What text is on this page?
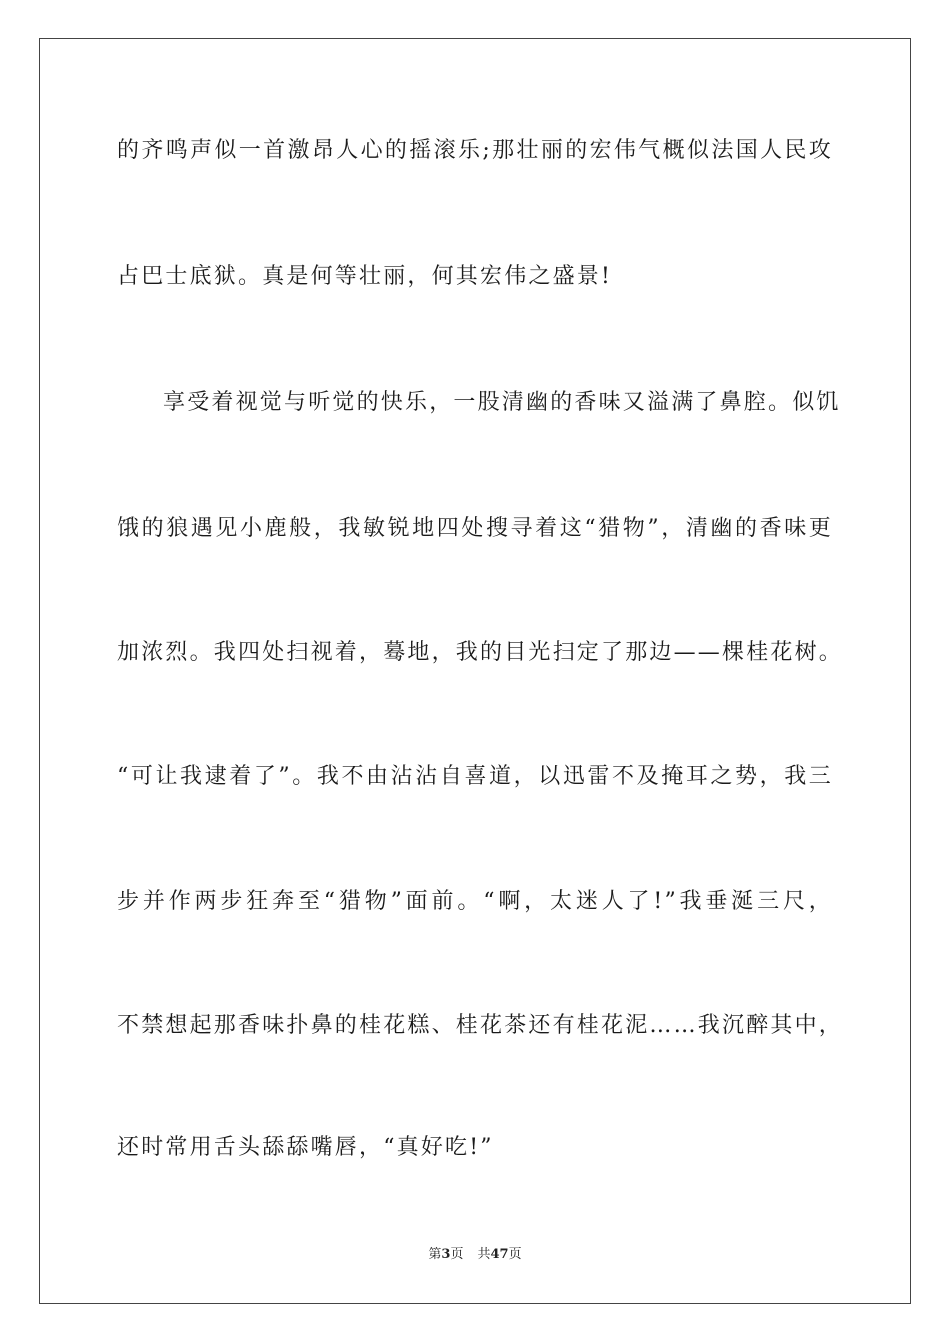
的齐鸣声似一首激昂人心的摇滚乐;那壮丽的宏伟气概似法国人民攻
占巴士底狱。真是何等壮丽，何其宏伟之盛景!
享受着视觉与听觉的快乐，一股清幽的香味又溢满了鼻腔。似饥
饿的狼遇见小鹿般，我敏锐地四处搜寻着这“猎物”，清幽的香味更
加浓烈。我四处扫视着，蓦地，我的目光扫定了那边——棵桂花树。
“可让我逮着了”。我不由沾沾自喜道，以迅雷不及掩耳之势，我三
步并作两步狂奔至“猎物”面前。“啊，太迷人了!”我垂涎三尺，
不禁想起那香味扑鼻的桂花糕、桂花茶还有桂花泥……我沉醉其中，
还时常用舌头舔舔嘴唇，“真好吃!”
第3页 共47页
